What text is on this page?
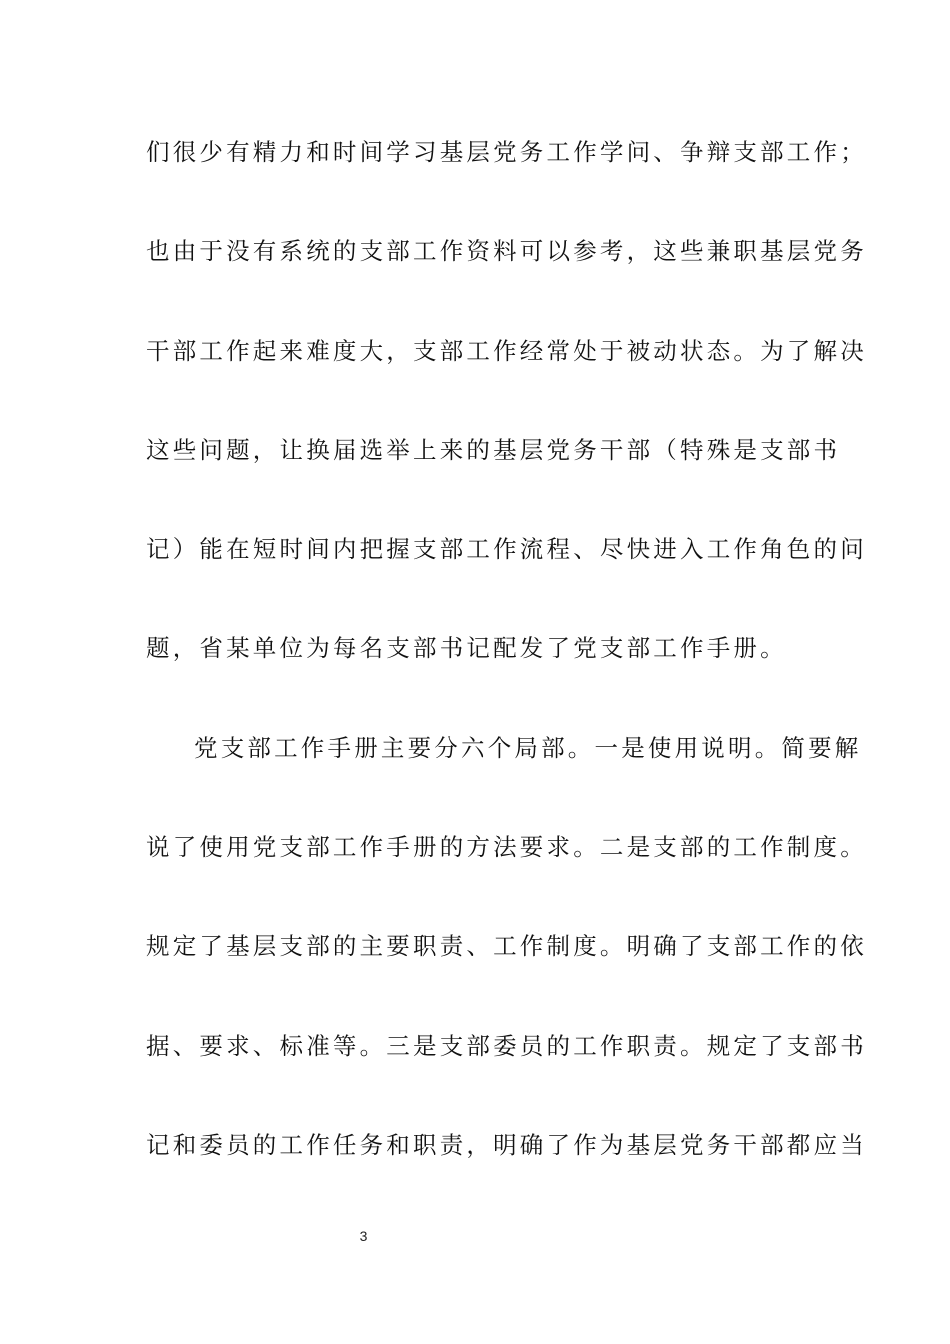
们很少有精力和时间学习基层党务工作学问、争辩支部工作；
也由于没有系统的支部工作资料可以参考，这些兼职基层党务
干部工作起来难度大，支部工作经常处于被动状态。为了解决
这些问题，让换届选举上来的基层党务干部（特殊是支部书
记）能在短时间内把握支部工作流程、尽快进入工作角色的问
题，省某单位为每名支部书记配发了党支部工作手册。
党支部工作手册主要分六个局部。一是使用说明。简要解
说了使用党支部工作手册的方法要求。二是支部的工作制度。
规定了基层支部的主要职责、工作制度。明确了支部工作的依
据、要求、标准等。三是支部委员的工作职责。规定了支部书
记和委员的工作任务和职责，明确了作为基层党务干部都应当
3
